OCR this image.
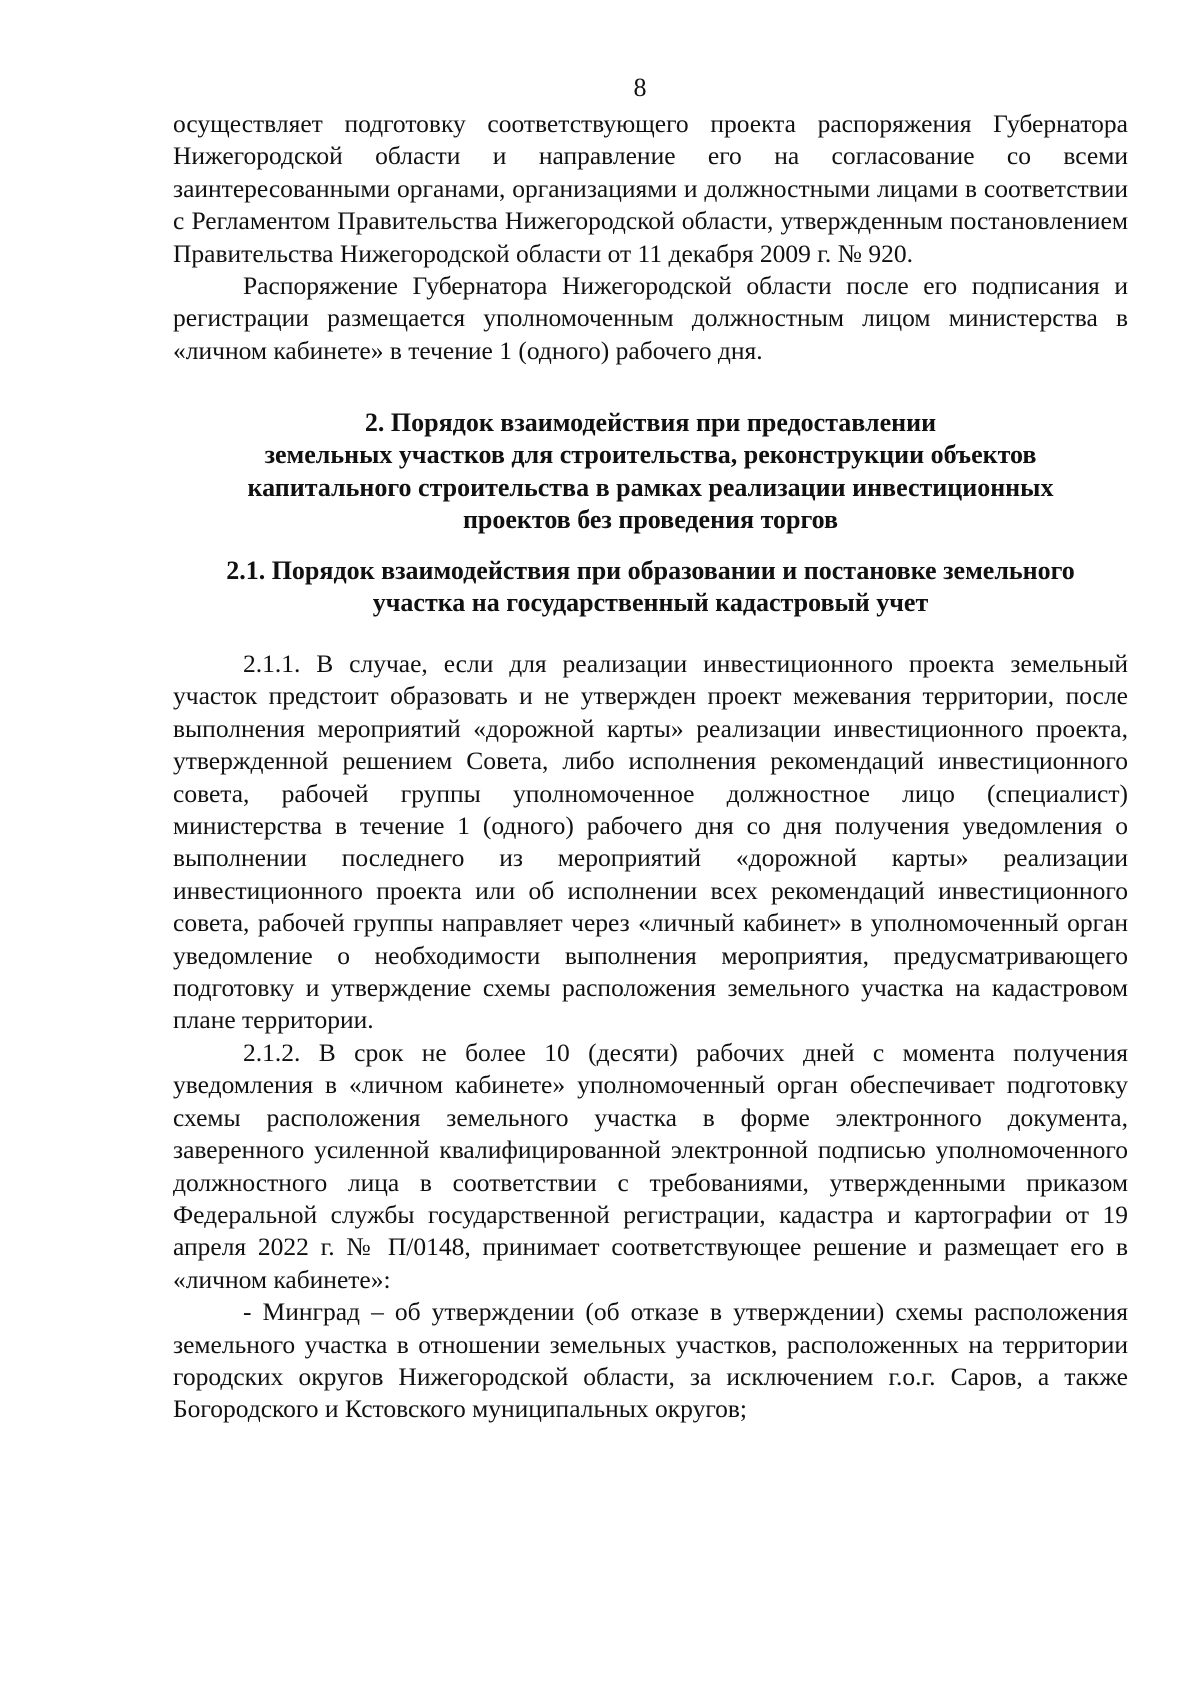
8

осуществляет подготовку соответствующего проекта распоряжения Губернатора Нижегородской области и направление его на согласование со всеми заинтересованными органами, организациями и должностными лицами в соответствии с Регламентом Правительства Нижегородской области, утвержденным постановлением Правительства Нижегородской области от 11 декабря 2009 г. № 920.

Распоряжение Губернатора Нижегородской области после его подписания и регистрации размещается уполномоченным должностным лицом министерства в «личном кабинете» в течение 1 (одного) рабочего дня.

2. Порядок взаимодействия при предоставлении
земельных участков для строительства, реконструкции объектов
капитального строительства в рамках реализации инвестиционных
проектов без проведения торгов
2.1. Порядок взаимодействия при образовании и постановке земельного
участка на государственный кадастровый учет

2.1.1. В случае, если для реализации инвестиционного проекта земельный участок предстоит образовать и не утвержден проект межевания территории, после выполнения мероприятий «дорожной карты» реализации инвестиционного проекта, утвержденной решением Совета, либо исполнения рекомендаций инвестиционного совета, рабочей группы уполномоченное должностное лицо (специалист) министерства в течение 1 (одного) рабочего дня со дня получения уведомления о выполнении последнего из мероприятий «дорожной карты» реализации инвестиционного проекта или об исполнении всех рекомендаций инвестиционного совета, рабочей группы направляет через «личный кабинет» в уполномоченный орган уведомление о необходимости выполнения мероприятия, предусматривающего подготовку и утверждение схемы расположения земельного участка на кадастровом плане территории.

2.1.2. В срок не более 10 (десяти) рабочих дней с момента получения уведомления в «личном кабинете» уполномоченный орган обеспечивает подготовку схемы расположения земельного участка в форме электронного документа, заверенного усиленной квалифицированной электронной подписью уполномоченного должностного лица в соответствии с требованиями, утвержденными приказом Федеральной службы государственной регистрации, кадастра и картографии от 19 апреля 2022 г. № П/0148, принимает соответствующее решение и размещает его в «личном кабинете»:

- Минград – об утверждении (об отказе в утверждении) схемы расположения земельного участка в отношении земельных участков, расположенных на территории городских округов Нижегородской области, за исключением г.о.г. Саров, а также Богородского и Кстовского муниципальных округов;
